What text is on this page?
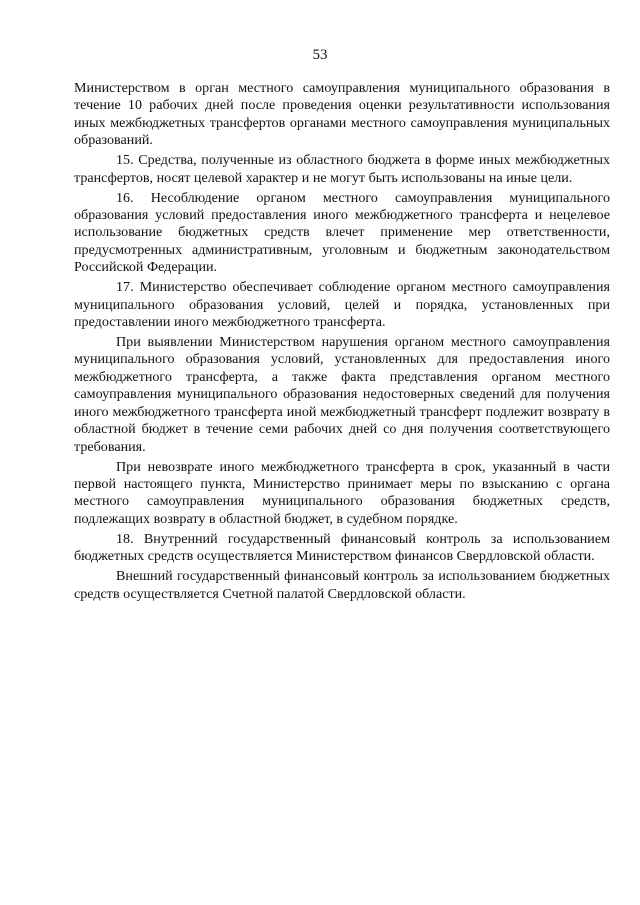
53

Министерством в орган местного самоуправления муниципального образования в течение 10 рабочих дней после проведения оценки результативности использования иных межбюджетных трансфертов органами местного самоуправления муниципальных образований.

15. Средства, полученные из областного бюджета в форме иных межбюджетных трансфертов, носят целевой характер и не могут быть использованы на иные цели.

16. Несоблюдение органом местного самоуправления муниципального образования условий предоставления иного межбюджетного трансферта и нецелевое использование бюджетных средств влечет применение мер ответственности, предусмотренных административным, уголовным и бюджетным законодательством Российской Федерации.

17. Министерство обеспечивает соблюдение органом местного самоуправления муниципального образования условий, целей и порядка, установленных при предоставлении иного межбюджетного трансферта.

При выявлении Министерством нарушения органом местного самоуправления муниципального образования условий, установленных для предоставления иного межбюджетного трансферта, а также факта представления органом местного самоуправления муниципального образования недостоверных сведений для получения иного межбюджетного трансферта иной межбюджетный трансферт подлежит возврату в областной бюджет в течение семи рабочих дней со дня получения соответствующего требования.

При невозврате иного межбюджетного трансферта в срок, указанный в части первой настоящего пункта, Министерство принимает меры по взысканию с органа местного самоуправления муниципального образования бюджетных средств, подлежащих возврату в областной бюджет, в судебном порядке.

18. Внутренний государственный финансовый контроль за использованием бюджетных средств осуществляется Министерством финансов Свердловской области.

Внешний государственный финансовый контроль за использованием бюджетных средств осуществляется Счетной палатой Свердловской области.
